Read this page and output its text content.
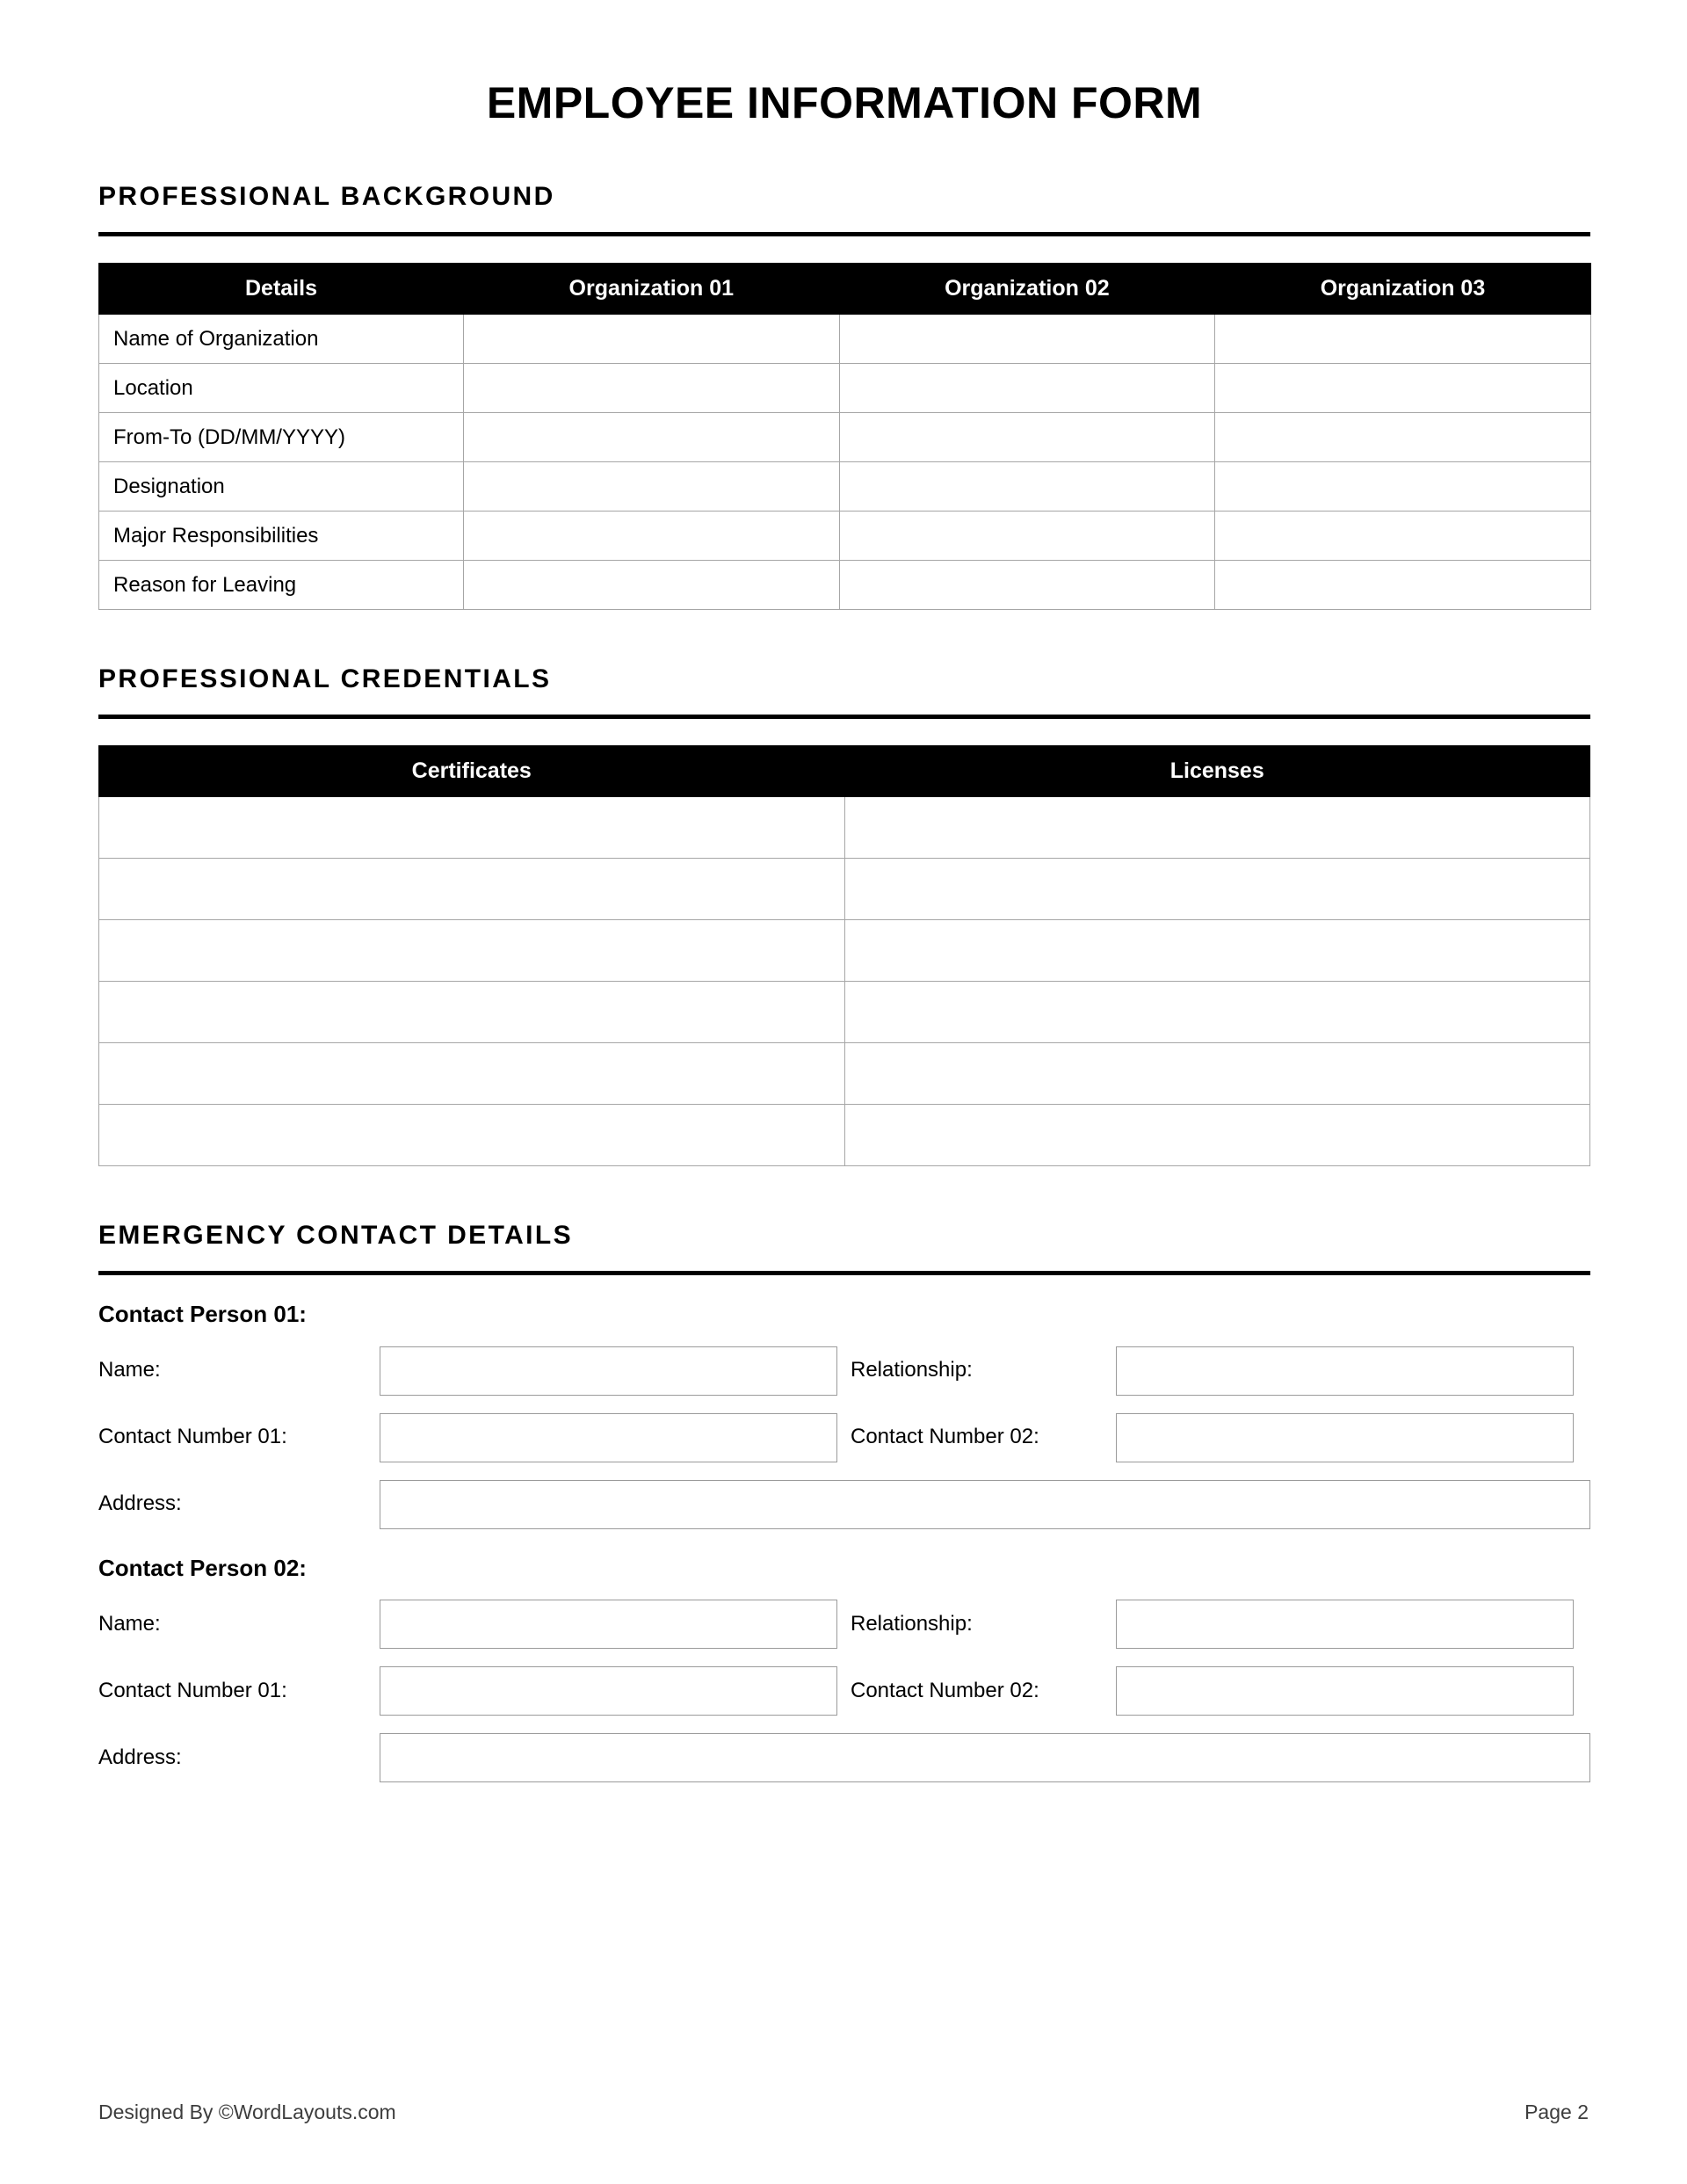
EMPLOYEE INFORMATION FORM
PROFESSIONAL BACKGROUND
Details	Organization 01	Organization 02	Organization 03
Name of Organization			
Location			
From-To (DD/MM/YYYY)			
Designation			
Major Responsibilities			
Reason for Leaving			
PROFESSIONAL CREDENTIALS
Certificates	Licenses

EMERGENCY CONTACT DETAILS
Contact Person 01:
Name:	Relationship:
Contact Number 01:	Contact Number 02:
Address:
Contact Person 02:
Name:	Relationship:
Contact Number 01:	Contact Number 02:
Address:
Designed By ©WordLayouts.com	Page 2
